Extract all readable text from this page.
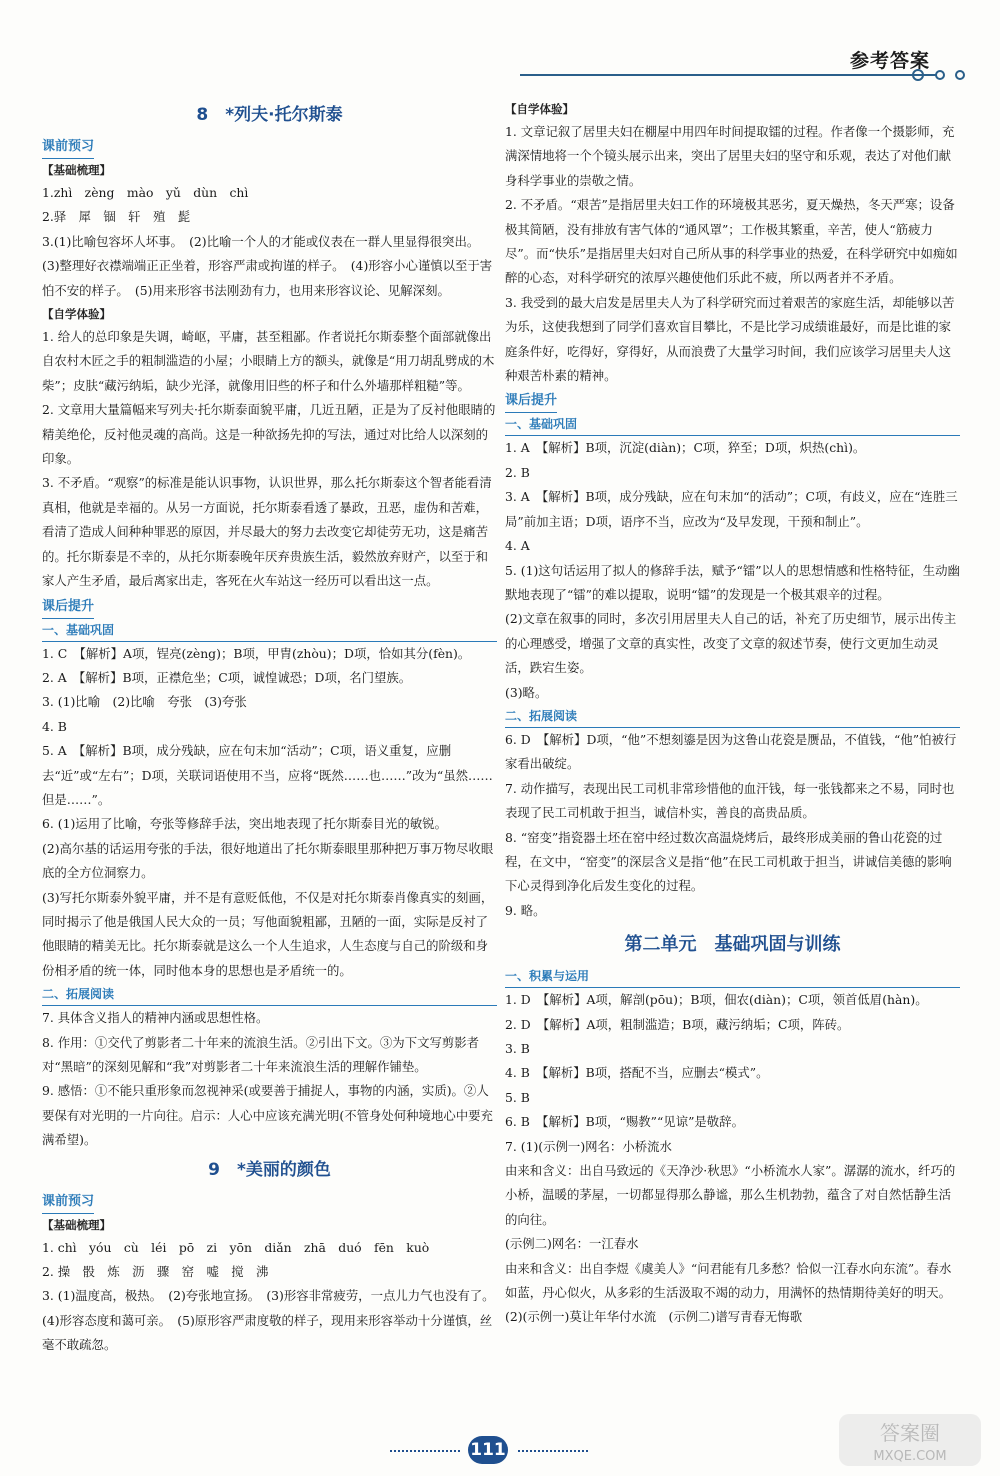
参考答案
8　*列夫·托尔斯泰
课前预习
【基础梳理】
1.zhì　zèng　mào　yǔ　dùn　chì
2.驿　犀　锢　轩　殖　髭
3.(1)比喻包容坏人坏事。　(2)比喻一个人的才能或仪表在一群人里显得很突出。　(3)整理好衣襟端端正正坐着，形容严肃或拘谨的样子。　(4)形容小心谨慎以至于害怕不安的样子。　(5)用来形容书法刚劲有力，也用来形容议论、见解深刻。
【自学体验】
1. 给人的总印象是失调，崎岖，平庸，甚至粗鄙。作者说托尔斯泰整个面部就像出自农村木匠之手的粗制滥造的小屋；小眼睛上方的额头，就像是“用刀胡乱劈成的木柴”；皮肤“藏污纳垢，缺少光泽，就像用旧些的杯子和什么外墙那样粗糙”等。
2. 文章用大量篇幅来写列夫·托尔斯泰面貌平庸，几近丑陋，正是为了反衬他眼睛的精美绝伦，反衬他灵魂的高尚。这是一种欲扬先抑的写法，通过对比给人以深刻的印象。
3. 不矛盾。“观察”的标准是能认识事物，认识世界，那么托尔斯泰这个智者能看清真相，他就是幸福的。从另一方面说，托尔斯泰看透了暴政，丑恶，虚伪和苦难，看清了造成人间种种罪恶的原因，并尽最大的努力去改变它却徒劳无功，这是痛苦的。托尔斯泰是不幸的，从托尔斯泰晚年厌弃贵族生活，毅然放弃财产，以至于和家人产生矛盾，最后离家出走，客死在火车站这一经历可以看出这一点。
课后提升
一、基础巩固
1. C　【解析】A项，锃亮(zèng)；B项，甲胄(zhòu)；D项，恰如其分(fèn)。
2. A　【解析】B项，正襟危坐；C项，诚惶诚恐；D项，名门望族。
3. (1)比喻　(2)比喻　夸张　(3)夸张
4. B
5. A　【解析】B项，成分残缺，应在句末加“活动”；C项，语义重复，应删去“近”或“左右”；D项，关联词语使用不当，应将“既然……也……”改为“虽然……但是……”。
6. (1)运用了比喻，夸张等修辞手法，突出地表现了托尔斯泰目光的敏锐。
(2)高尔基的话运用夸张的手法，很好地道出了托尔斯泰眼里那种把万事万物尽收眼底的全方位洞察力。
(3)写托尔斯泰外貌平庸，并不是有意贬低他，不仅是对托尔斯泰肖像真实的刻画，同时揭示了他是俄国人民大众的一员；写他面貌粗鄙，丑陋的一面，实际是反衬了他眼睛的精美无比。托尔斯泰就是这么一个人生追求，人生态度与自己的阶级和身份相矛盾的统一体，同时他本身的思想也是矛盾统一的。
二、拓展阅读
7. 具体含义指人的精神内涵或思想性格。
8. 作用：①交代了剪影者二十年来的流浪生活。②引出下文。③为下文写剪影者对“黑暗”的深刻见解和“我”对剪影者二十年来流浪生活的理解作铺垫。
9. 感悟：①不能只重形象而忽视神采(或要善于捕捉人，事物的内涵，实质)。②人要保有对光明的一片向往。启示：人心中应该充满光明(不管身处何种境地心中要充满希望)。
9　*美丽的颜色
课前预习
【基础梳理】
1. chì　yóu　cù　léi　pō　zi　yōn　diǎn　zhā　duó　fēn　kuò
2. 操　骰　炼　沥　骤　窑　嘘　搅　沸
3. (1)温度高，极热。　(2)夸张地宣扬。　(3)形容非常疲劳，一点儿力气也没有了。　(4)形容态度和蔼可亲。　(5)原形容严肃度敬的样子，现用来形容举动十分谨慎，丝毫不敢疏忽。
【自学体验】
1. 文章记叙了居里夫妇在棚屋中用四年时间提取镭的过程。作者像一个摄影师，充满深情地将一个个镜头展示出来，突出了居里夫妇的坚守和乐观，表达了对他们献身科学事业的崇敬之情。
2. 不矛盾。“艰苦”是指居里夫妇工作的环境极其恶劣，夏天燥热，冬天严寒；设备极其简陋，没有排放有害气体的“通风罩”；工作极其繁重，辛苦，使人“筋疲力尽”。而“快乐”是指居里夫妇对自己所从事的科学事业的热爱，在科学研究中如痴如醉的心态，对科学研究的浓厚兴趣使他们乐此不疲，所以两者并不矛盾。
3. 我受到的最大启发是居里夫人为了科学研究而过着艰苦的家庭生活，却能够以苦为乐，这使我想到了同学们喜欢盲目攀比，不是比学习成绩谁最好，而是比谁的家庭条件好，吃得好，穿得好，从而浪费了大量学习时间，我们应该学习居里夫人这种艰苦朴素的精神。
课后提升
一、基础巩固
1. A　【解析】B项，沉淀(diàn)；C项，猝至；D项，炽热(chì)。
2. B
3. A　【解析】B项，成分残缺，应在句末加“的活动”；C项，有歧义，应在“连胜三局”前加主语；D项，语序不当，应改为“及早发现，干预和制止”。
4. A
5. (1)这句话运用了拟人的修辞手法，赋予“镭”以人的思想情感和性格特征，生动幽默地表现了“镭”的难以提取，说明“镭”的发现是一个极其艰辛的过程。
(2)文章在叙事的同时，多次引用居里夫人自己的话，补充了历史细节，展示出传主的心理感受，增强了文章的真实性，改变了文章的叙述节奏，使行文更加生动灵活，跌宕生姿。
(3)略。
二、拓展阅读
6. D　【解析】D项，“他”不想刻鎏是因为这鲁山花瓷是赝品，不值钱，“他”怕被行家看出破绽。
7. 动作描写，表现出民工司机非常珍惜他的血汗钱，每一张钱都来之不易，同时也表现了民工司机敢于担当，诚信朴实，善良的高贵品质。
8. “窑变”指瓷器土坯在窑中经过数次高温烧烤后，最终形成美丽的鲁山花瓷的过程，在文中，“窑变”的深层含义是指“他”在民工司机敢于担当，讲诚信美德的影响下心灵得到净化后发生变化的过程。
9. 略。
第二单元　基础巩固与训练
一、积累与运用
1. D　【解析】A项，解剖(pōu)；B项，佃农(diàn)；C项，领首低眉(hàn)。
2. D　【解析】A项，粗制滥造；B项，藏污纳垢；C项，阵砖。
3. B
4. B　【解析】B项，搭配不当，应删去“模式”。
5. B
6. B　【解析】B项，“赐教”“见谅”是敬辞。
7. (1)(示例一)网名：小桥流水
由来和含义：出自马致远的《天净沙·秋思》“小桥流水人家”。潺潺的流水，纤巧的小桥，温暖的茅屋，一切都显得那么静谧，那么生机勃勃，蕴含了对自然恬静生活的向往。
(示例二)网名：一江春水
由来和含义：出自李煜《虞美人》“问君能有几多愁？恰似一江春水向东流”。春水如蓝，丹心似火，从多彩的生活汲取不竭的动力，用满怀的热情期待美好的明天。
(2)(示例一)莫让年华付水流　(示例二)谱写青春无悔歌
111
答案圈
MXQE.COM
